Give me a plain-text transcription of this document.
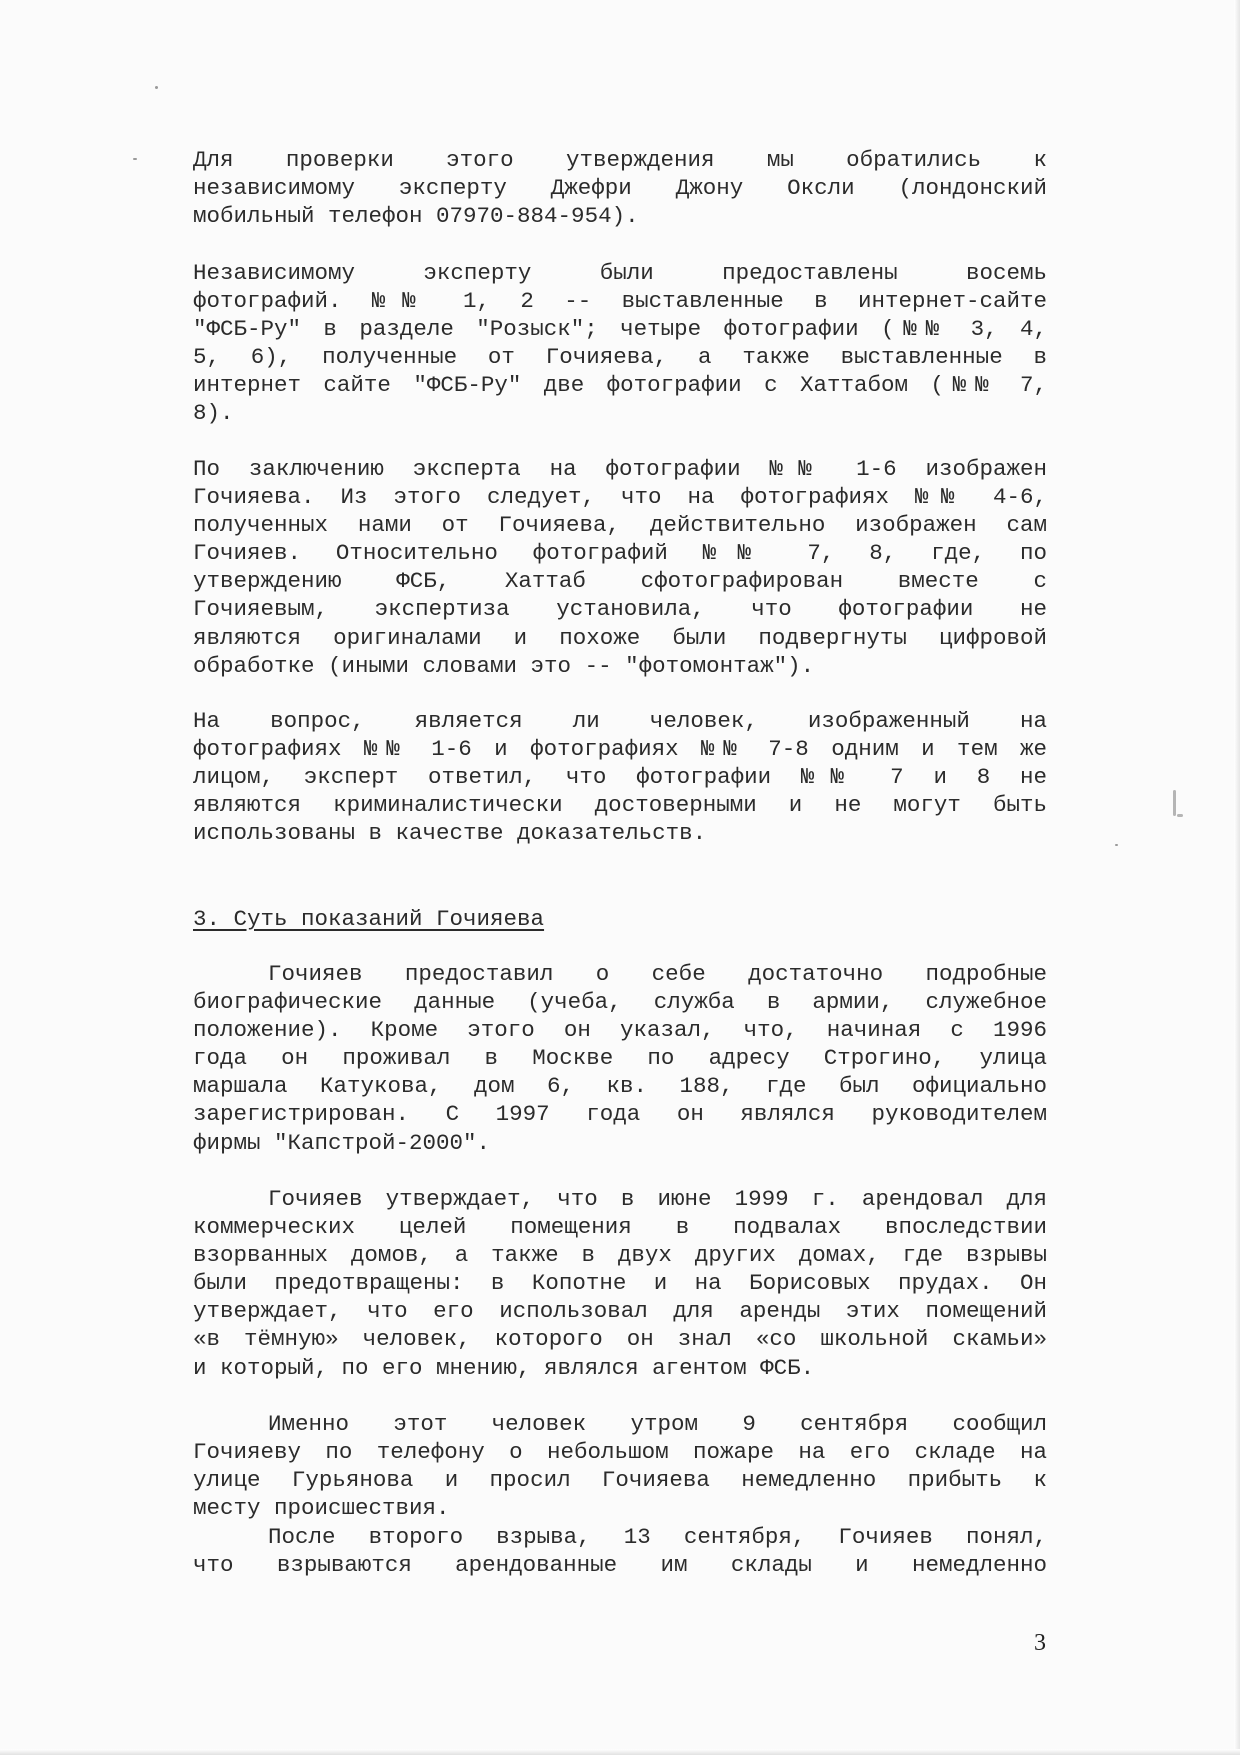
Для проверки этого утверждения мы обратились к
независимому эксперту Джефри Джону Оксли (лондонский
мобильный телефон 07970-884-954).
Независимому эксперту были предоставлены восемь
фотографий. №№ 1, 2 -- выставленные в интернет-сайте
"ФСБ-Ру" в разделе "Розыск"; четыре фотографии (№№ 3, 4,
5, 6), полученные от Гочияева, а также выставленные в
интернет сайте "ФСБ-Ру" две фотографии с Хаттабом (№№ 7,
8).
По заключению эксперта на фотографии №№ 1-6 изображен
Гочияева. Из этого следует, что на фотографиях №№ 4-6,
полученных нами от Гочияева, действительно изображен сам
Гочияев. Относительно фотографий №№ 7, 8, где, по
утверждению ФСБ, Хаттаб сфотографирован вместе с
Гочияевым, экспертиза установила, что фотографии не
являются оригиналами и похоже были подвергнуты цифровой
обработке (иными словами это -- "фотомонтаж").
На вопрос, является ли человек, изображенный на
фотографиях №№ 1-6 и фотографиях №№ 7-8 одним и тем же
лицом, эксперт ответил, что фотографии №№ 7 и 8 не
являются криминалистически достоверными и не могут быть
использованы в качестве доказательств.
3. Суть показаний Гочияева
Гочияев предоставил о себе достаточно подробные
биографические данные (учеба, служба в армии, служебное
положение). Кроме этого он указал, что, начиная с 1996
года он проживал в Москве по адресу Строгино, улица
маршала Катукова, дом 6, кв. 188, где был официально
зарегистрирован. С 1997 года он являлся руководителем
фирмы "Капстрой-2000".
Гочияев утверждает, что в июне 1999 г. арендовал для
коммерческих целей помещения в подвалах впоследствии
взорванных домов, а также в двух других домах, где взрывы
были предотвращены: в Копотне и на Борисовых прудах. Он
утверждает, что его использовал для аренды этих помещений
«в тёмную» человек, которого он знал «со школьной скамьи»
и который, по его мнению, являлся агентом ФСБ.
Именно этот человек утром 9 сентября сообщил
Гочияеву по телефону о небольшом пожаре на его складе на
улице Гурьянова и просил Гочияева немедленно прибыть к
месту происшествия.
После второго взрыва, 13 сентября, Гочияев понял,
что взрываются арендованные им склады и немедленно
3
